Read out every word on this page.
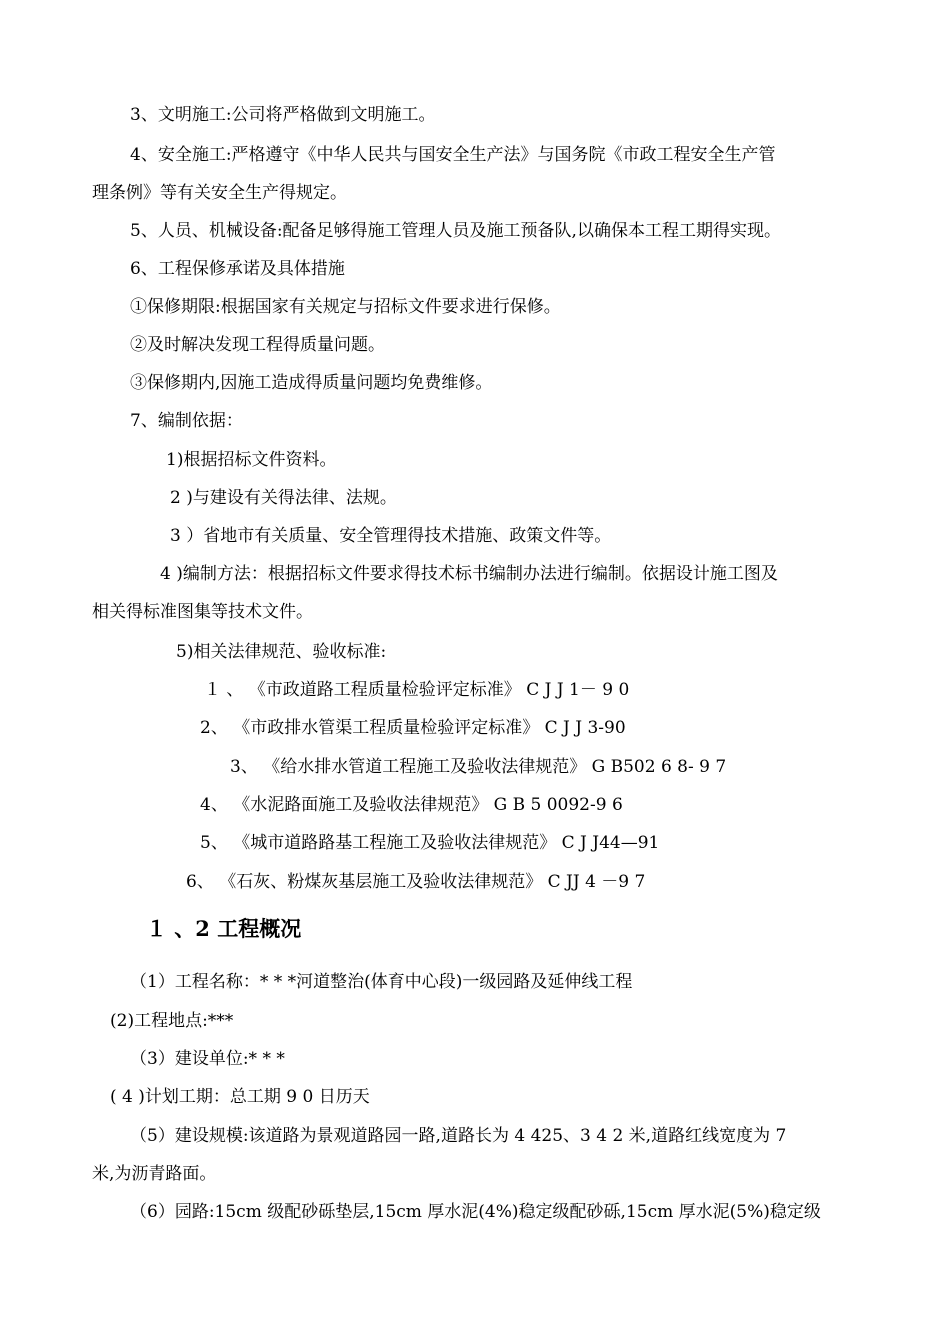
3、文明施工:公司将严格做到文明施工。
4、安全施工:严格遵守《中华人民共与国安全生产法》与国务院《市政工程安全生产管
理条例》等有关安全生产得规定。
5、人员、机械设备:配备足够得施工管理人员及施工预备队,以确保本工程工期得实现。
6、工程保修承诺及具体措施
①保修期限:根据国家有关规定与招标文件要求进行保修。
②及时解决发现工程得质量问题。
③保修期内,因施工造成得质量问题均免费维修。
7、编制依据：
1)根据招标文件资料。
2 )与建设有关得法律、法规。
3 ）省地市有关质量、安全管理得技术措施、政策文件等。
4 )编制方法：根据招标文件要求得技术标书编制办法进行编制。依据设计施工图及
相关得标准图集等技术文件。
5)相关法律规范、验收标准:
１ 、 《市政道路工程质量检验评定标准》 C J J 1－ 9 0
2、 《市政排水管渠工程质量检验评定标准》 C J J 3-90
3、 《给水排水管道工程施工及验收法律规范》 G B502 6 8- 9 7
4、 《水泥路面施工及验收法律规范》 G B 5 0092-9 6
5、 《城市道路路基工程施工及验收法律规范》 C J J44—91
6、 《石灰、粉煤灰基层施工及验收法律规范》 C JJ 4 －9 7
１ 、2 工程概况
（1）工程名称：* * *河道整治(体育中心段)一级园路及延伸线工程
(2)工程地点:***
（3）建设单位:* * *
( 4 )计划工期：总工期 9 0 日历天
（5）建设规模:该道路为景观道路园一路,道路长为 4 425、3 4 2 米,道路红线宽度为 7
米,为沥青路面。
（6）园路:15cm 级配砂砾垫层,15cm 厚水泥(4%)稳定级配砂砾,15cm 厚水泥(5%)稳定级
